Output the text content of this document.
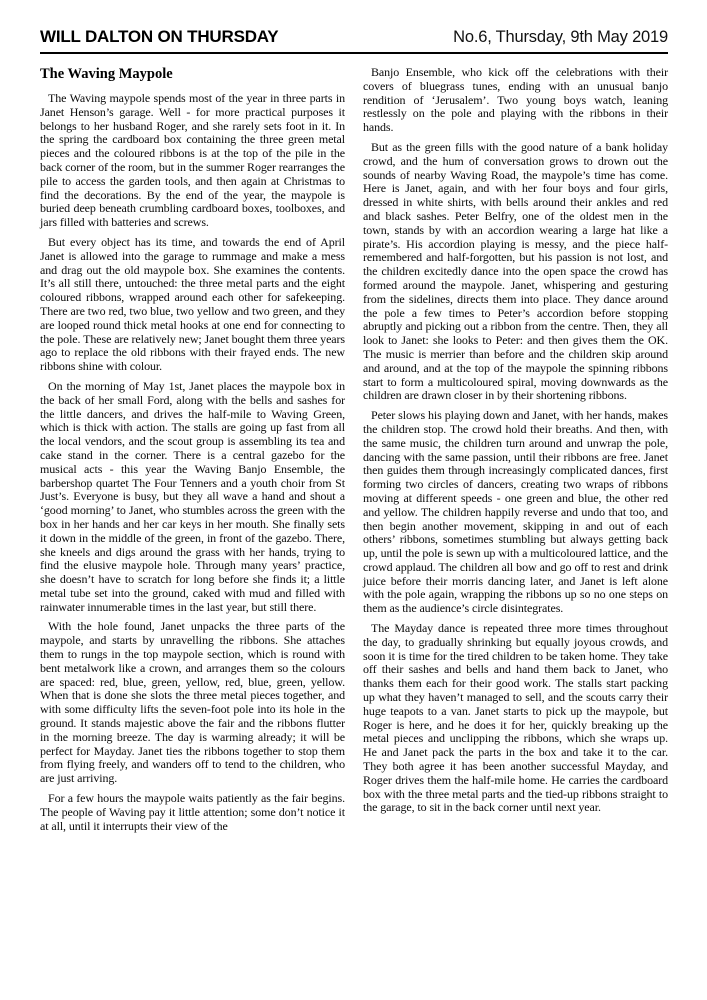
WILL DALTON ON THURSDAY	No.6, Thursday, 9th May 2019
The Waving Maypole

The Waving maypole spends most of the year in three parts in Janet Henson’s garage. Well - for more practical purposes it belongs to her husband Roger, and she rarely sets foot in it. In the spring the cardboard box containing the three green metal pieces and the coloured ribbons is at the top of the pile in the back corner of the room, but in the summer Roger rearranges the pile to access the garden tools, and then again at Christmas to find the decorations. By the end of the year, the maypole is buried deep beneath crumbling cardboard boxes, toolboxes, and jars filled with batteries and screws.

But every object has its time, and towards the end of April Janet is allowed into the garage to rummage and make a mess and drag out the old maypole box. She examines the contents. It’s all still there, untouched: the three metal parts and the eight coloured ribbons, wrapped around each other for safekeeping. There are two red, two blue, two yellow and two green, and they are looped round thick metal hooks at one end for connecting to the pole. These are relatively new; Janet bought them three years ago to replace the old ribbons with their frayed ends. The new ribbons shine with colour.

On the morning of May 1st, Janet places the maypole box in the back of her small Ford, along with the bells and sashes for the little dancers, and drives the half-mile to Waving Green, which is thick with action. The stalls are going up fast from all the local vendors, and the scout group is assembling its tea and cake stand in the corner. There is a central gazebo for the musical acts - this year the Waving Banjo Ensemble, the barbershop quartet The Four Tenners and a youth choir from St Just’s. Everyone is busy, but they all wave a hand and shout a ‘good morning’ to Janet, who stumbles across the green with the box in her hands and her car keys in her mouth. She finally sets it down in the middle of the green, in front of the gazebo. There, she kneels and digs around the grass with her hands, trying to find the elusive maypole hole. Through many years’ practice, she doesn’t have to scratch for long before she finds it; a little metal tube set into the ground, caked with mud and filled with rainwater innumerable times in the last year, but still there.

With the hole found, Janet unpacks the three parts of the maypole, and starts by unravelling the ribbons. She attaches them to rungs in the top maypole section, which is round with bent metalwork like a crown, and arranges them so the colours are spaced: red, blue, green, yellow, red, blue, green, yellow. When that is done she slots the three metal pieces together, and with some difficulty lifts the seven-foot pole into its hole in the ground. It stands majestic above the fair and the ribbons flutter in the morning breeze. The day is warming already; it will be perfect for Mayday. Janet ties the ribbons together to stop them from flying freely, and wanders off to tend to the children, who are just arriving.

For a few hours the maypole waits patiently as the fair begins. The people of Waving pay it little attention; some don’t notice it at all, until it interrupts their view of the

Banjo Ensemble, who kick off the celebrations with their covers of bluegrass tunes, ending with an unusual banjo rendition of ‘Jerusalem’. Two young boys watch, leaning restlessly on the pole and playing with the ribbons in their hands.

But as the green fills with the good nature of a bank holiday crowd, and the hum of conversation grows to drown out the sounds of nearby Waving Road, the maypole’s time has come. Here is Janet, again, and with her four boys and four girls, dressed in white shirts, with bells around their ankles and red and black sashes. Peter Belfry, one of the oldest men in the town, stands by with an accordion wearing a large hat like a pirate’s. His accordion playing is messy, and the piece half-remembered and half-forgotten, but his passion is not lost, and the children excitedly dance into the open space the crowd has formed around the maypole. Janet, whispering and gesturing from the sidelines, directs them into place. They dance around the pole a few times to Peter’s accordion before stopping abruptly and picking out a ribbon from the centre. Then, they all look to Janet: she looks to Peter: and then gives them the OK. The music is merrier than before and the children skip around and around, and at the top of the maypole the spinning ribbons start to form a multicoloured spiral, moving downwards as the children are drawn closer in by their shortening ribbons.

Peter slows his playing down and Janet, with her hands, makes the children stop. The crowd hold their breaths. And then, with the same music, the children turn around and unwrap the pole, dancing with the same passion, until their ribbons are free. Janet then guides them through increasingly complicated dances, first forming two circles of dancers, creating two wraps of ribbons moving at different speeds - one green and blue, the other red and yellow. The children happily reverse and undo that too, and then begin another movement, skipping in and out of each others’ ribbons, sometimes stumbling but always getting back up, until the pole is sewn up with a multicoloured lattice, and the crowd applaud. The children all bow and go off to rest and drink juice before their morris dancing later, and Janet is left alone with the pole again, wrapping the ribbons up so no one steps on them as the audience’s circle disintegrates.

The Mayday dance is repeated three more times throughout the day, to gradually shrinking but equally joyous crowds, and soon it is time for the tired children to be taken home. They take off their sashes and bells and hand them back to Janet, who thanks them each for their good work. The stalls start packing up what they haven’t managed to sell, and the scouts carry their huge teapots to a van. Janet starts to pick up the maypole, but Roger is here, and he does it for her, quickly breaking up the metal pieces and unclipping the ribbons, which she wraps up. He and Janet pack the parts in the box and take it to the car. They both agree it has been another successful Mayday, and Roger drives them the half-mile home. He carries the cardboard box with the three metal parts and the tied-up ribbons straight to the garage, to sit in the back corner until next year.
